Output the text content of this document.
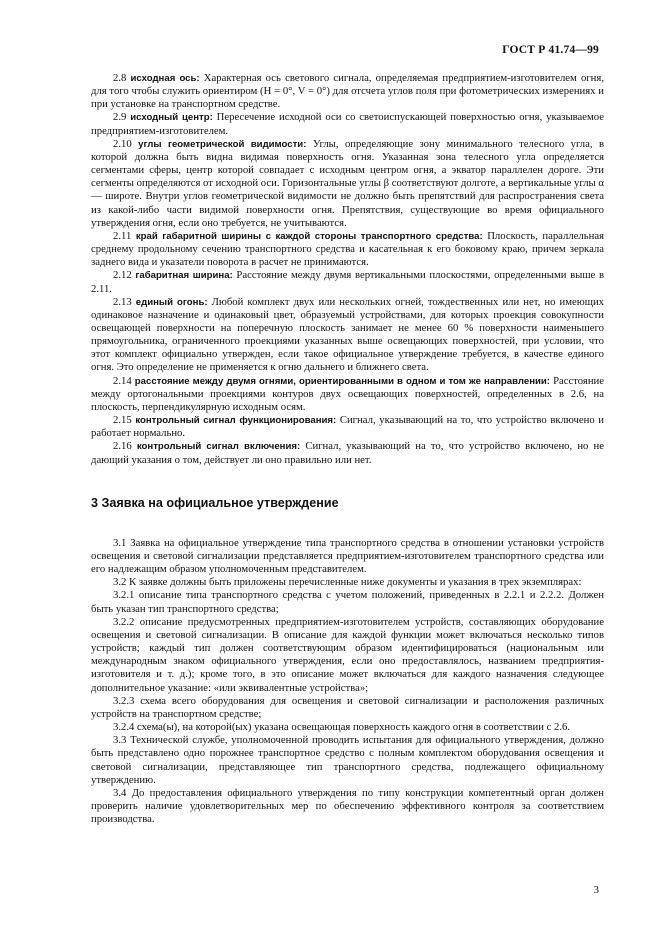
ГОСТ Р 41.74—99

2.8 исходная ось: Характерная ось светового сигнала, определяемая предприятием-изготовителем огня, для того чтобы служить ориентиром (H = 0°, V = 0°) для отсчета углов поля при фотометрических измерениях и при установке на транспортном средстве.

2.9 исходный центр: Пересечение исходной оси со светоиспускающей поверхностью огня, указываемое предприятием-изготовителем.

2.10 углы геометрической видимости: Углы, определяющие зону минимального телесного угла, в которой должна быть видна видимая поверхность огня. Указанная зона телесного угла определяется сегментами сферы, центр которой совпадает с исходным центром огня, а экватор параллелен дороге. Эти сегменты определяются от исходной оси. Горизонтальные углы β соответствуют долготе, а вертикальные углы α — широте. Внутри углов геометрической видимости не должно быть препятствий для распространения света из какой-либо части видимой поверхности огня. Препятствия, существующие во время официального утверждения огня, если оно требуется, не учитываются.

2.11 край габаритной ширины с каждой стороны транспортного средства: Плоскость, параллельная среднему продольному сечению транспортного средства и касательная к его боковому краю, причем зеркала заднего вида и указатели поворота в расчет не принимаются.

2.12 габаритная ширина: Расстояние между двумя вертикальными плоскостями, определенными выше в 2.11.

2.13 единый огонь: Любой комплект двух или нескольких огней, тождественных или нет, но имеющих одинаковое назначение и одинаковый цвет, образуемый устройствами, для которых проекция совокупности освещающей поверхности на поперечную плоскость занимает не менее 60 % поверхности наименьшего прямоугольника, ограниченного проекциями указанных выше освещающих поверхностей, при условии, что этот комплект официально утвержден, если такое официальное утверждение требуется, в качестве единого огня. Это определение не применяется к огню дальнего и ближнего света.

2.14 расстояние между двумя огнями, ориентированными в одном и том же направлении: Расстояние между ортогональными проекциями контуров двух освещающих поверхностей, определенных в 2.6, на плоскость, перпендикулярную исходным осям.

2.15 контрольный сигнал функционирования: Сигнал, указывающий на то, что устройство включено и работает нормально.

2.16 контрольный сигнал включения: Сигнал, указывающий на то, что устройство включено, но не дающий указания о том, действует ли оно правильно или нет.

3 Заявка на официальное утверждение

3.1 Заявка на официальное утверждение типа транспортного средства в отношении установки устройств освещения и световой сигнализации представляется предприятием-изготовителем транспортного средства или его надлежащим образом уполномоченным представителем.

3.2 К заявке должны быть приложены перечисленные ниже документы и указания в трех экземплярах:

3.2.1 описание типа транспортного средства с учетом положений, приведенных в 2.2.1 и 2.2.2. Должен быть указан тип транспортного средства;

3.2.2 описание предусмотренных предприятием-изготовителем устройств, составляющих оборудование освещения и световой сигнализации. В описание для каждой функции может включаться несколько типов устройств; каждый тип должен соответствующим образом идентифицироваться (национальным или международным знаком официального утверждения, если оно предоставлялось, названием предприятия-изготовителя и т. д.); кроме того, в это описание может включаться для каждого назначения следующее дополнительное указание: «или эквивалентные устройства»;

3.2.3 схема всего оборудования для освещения и световой сигнализации и расположения различных устройств на транспортном средстве;

3.2.4 схема(ы), на которой(ых) указана освещающая поверхность каждого огня в соответствии с 2.6.

3.3 Технической службе, уполномоченной проводить испытания для официального утверждения, должно быть представлено одно порожнее транспортное средство с полным комплектом оборудования освещения и световой сигнализации, представляющее тип транспортного средства, подлежащего официальному утверждению.

3.4 До предоставления официального утверждения по типу конструкции компетентный орган должен проверить наличие удовлетворительных мер по обеспечению эффективного контроля за соответствием производства.

3
